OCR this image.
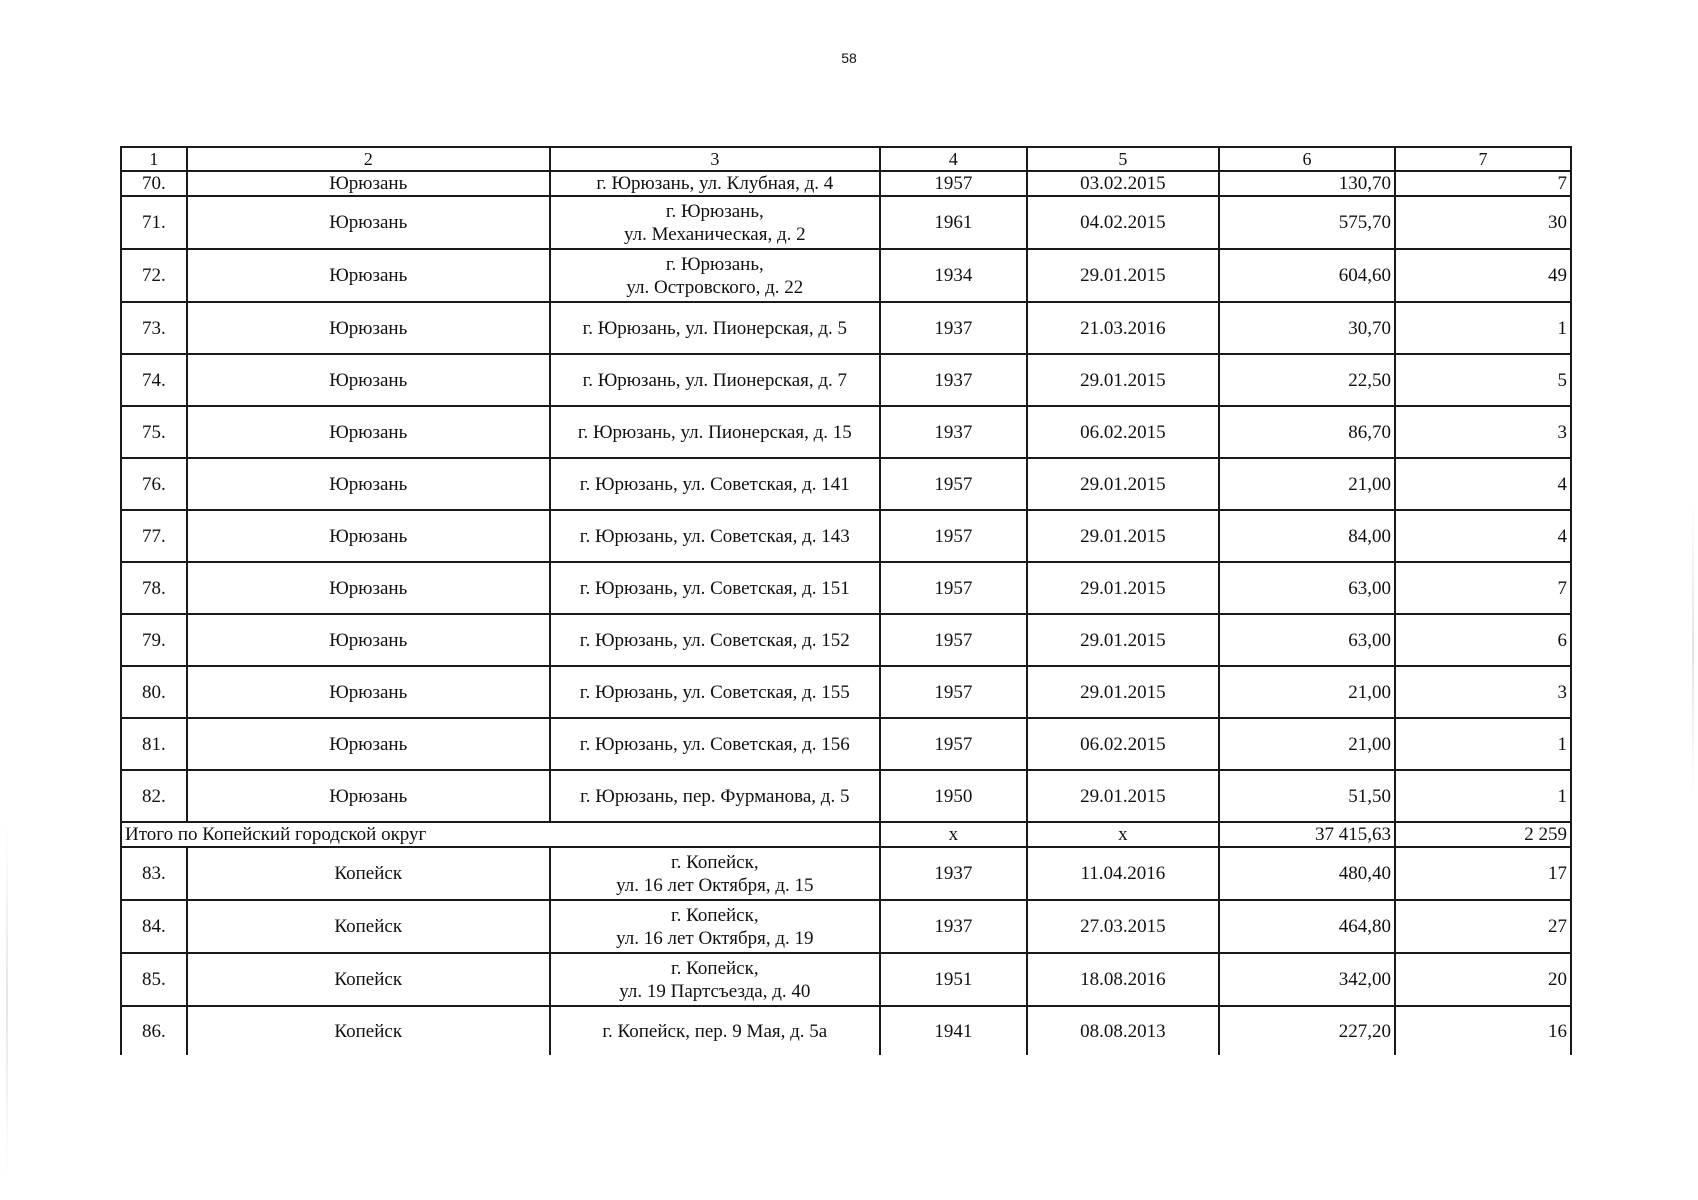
58
1	2	3	4	5	6	7
70.	Юрюзань	г. Юрюзань, ул. Клубная, д. 4	1957	03.02.2015	130,70	7
71.	Юрюзань	г. Юрюзань,
ул. Механическая, д. 2	1961	04.02.2015	575,70	30
72.	Юрюзань	г. Юрюзань,
ул. Островского, д. 22	1934	29.01.2015	604,60	49
73.	Юрюзань	г. Юрюзань, ул. Пионерская, д. 5	1937	21.03.2016	30,70	1
74.	Юрюзань	г. Юрюзань, ул. Пионерская, д. 7	1937	29.01.2015	22,50	5
75.	Юрюзань	г. Юрюзань, ул. Пионерская, д. 15	1937	06.02.2015	86,70	3
76.	Юрюзань	г. Юрюзань, ул. Советская, д. 141	1957	29.01.2015	21,00	4
77.	Юрюзань	г. Юрюзань, ул. Советская, д. 143	1957	29.01.2015	84,00	4
78.	Юрюзань	г. Юрюзань, ул. Советская, д. 151	1957	29.01.2015	63,00	7
79.	Юрюзань	г. Юрюзань, ул. Советская, д. 152	1957	29.01.2015	63,00	6
80.	Юрюзань	г. Юрюзань, ул. Советская, д. 155	1957	29.01.2015	21,00	3
81.	Юрюзань	г. Юрюзань, ул. Советская, д. 156	1957	06.02.2015	21,00	1
82.	Юрюзань	г. Юрюзань, пер. Фурманова, д. 5	1950	29.01.2015	51,50	1
Итого по Копейский городской округ			х	х	37 415,63	2 259
83.	Копейск	г. Копейск,
ул. 16 лет Октября, д. 15	1937	11.04.2016	480,40	17
84.	Копейск	г. Копейск,
ул. 16 лет Октября, д. 19	1937	27.03.2015	464,80	27
85.	Копейск	г. Копейск,
ул. 19 Партсъезда, д. 40	1951	18.08.2016	342,00	20
86.	Копейск	г. Копейск, пер. 9 Мая, д. 5а	1941	08.08.2013	227,20	16
